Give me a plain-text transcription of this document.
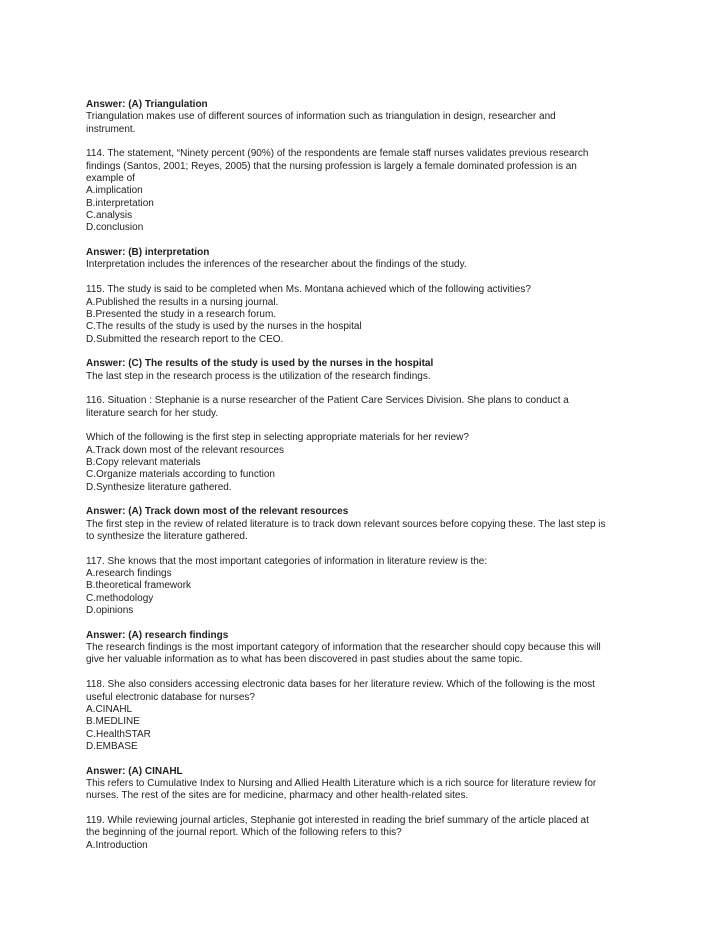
Answer: (A) Triangulation
Triangulation makes use of different sources of information such as triangulation in design, researcher and
instrument.
114. The statement, “Ninety percent (90%) of the respondents are female staff nurses validates previous research
findings (Santos, 2001; Reyes, 2005) that the nursing profession is largely a female dominated profession is an
example of
A.implication
B.interpretation
C.analysis
D.conclusion
Answer: (B) interpretation
Interpretation includes the inferences of the researcher about the findings of the study.
115. The study is said to be completed when Ms. Montana achieved which of the following activities?
A.Published the results in a nursing journal.
B.Presented the study in a research forum.
C.The results of the study is used by the nurses in the hospital
D.Submitted the research report to the CEO.
Answer: (C) The results of the study is used by the nurses in the hospital
The last step in the research process is the utilization of the research findings.
116. Situation : Stephanie is a nurse researcher of the Patient Care Services Division. She plans to conduct a
literature search for her study.
Which of the following is the first step in selecting appropriate materials for her review?
A.Track down most of the relevant resources
B.Copy relevant materials
C.Organize materials according to function
D.Synthesize literature gathered.
Answer: (A) Track down most of the relevant resources
The first step in the review of related literature is to track down relevant sources before copying these. The last step is
to synthesize the literature gathered.
117. She knows that the most important categories of information in literature review is the:
A.research findings
B.theoretical framework
C.methodology
D.opinions
Answer: (A) research findings
The research findings is the most important category of information that the researcher should copy because this will
give her valuable information as to what has been discovered in past studies about the same topic.
118. She also considers accessing electronic data bases for her literature review. Which of the following is the most
useful electronic database for nurses?
A.CINAHL
B.MEDLINE
C.HealthSTAR
D.EMBASE
Answer: (A) CINAHL
This refers to Cumulative Index to Nursing and Allied Health Literature which is a rich source for literature review for
nurses. The rest of the sites are for medicine, pharmacy and other health-related sites.
119. While reviewing journal articles, Stephanie got interested in reading the brief summary of the article placed at
the beginning of the journal report. Which of the following refers to this?
A.Introduction
